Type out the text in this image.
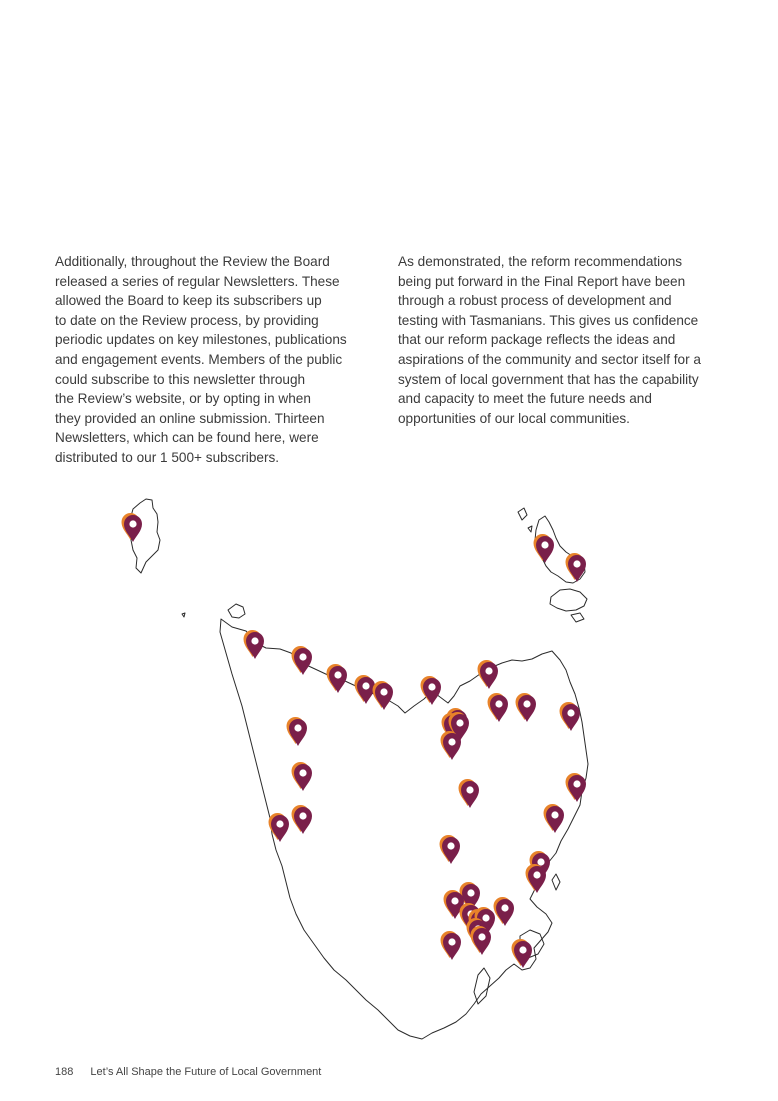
Additionally, throughout the Review the Board
released a series of regular Newsletters. These
allowed the Board to keep its subscribers up
to date on the Review process, by providing
periodic updates on key milestones, publications
and engagement events. Members of the public
could subscribe to this newsletter through
the Review’s website, or by opting in when
they provided an online submission. Thirteen
Newsletters, which can be found here, were
distributed to our 1 500+ subscribers.
As demonstrated, the reform recommendations
being put forward in the Final Report have been
through a robust process of development and
testing with Tasmanians. This gives us confidence
that our reform package reflects the ideas and
aspirations of the community and sector itself for a
system of local government that has the capability
and capacity to meet the future needs and
opportunities of our local communities.
188 Let’s All Shape the Future of Local Government
